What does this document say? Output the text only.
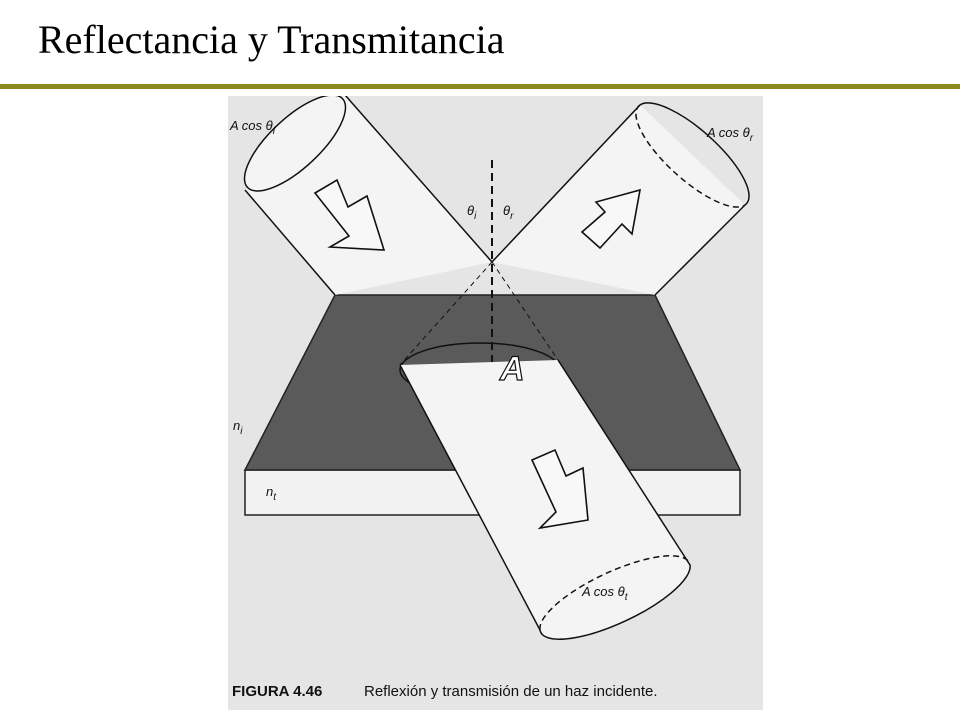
Reflectancia y Transmitancia
A
A $\cos \theta_i$	A $\cos \theta_r$
A $\cos \theta_t$
$\theta_i$ $\theta_r$
$n_i$
$n_t$
FIGURA 4.46	Reflexión y transmisión de un haz incidente.
